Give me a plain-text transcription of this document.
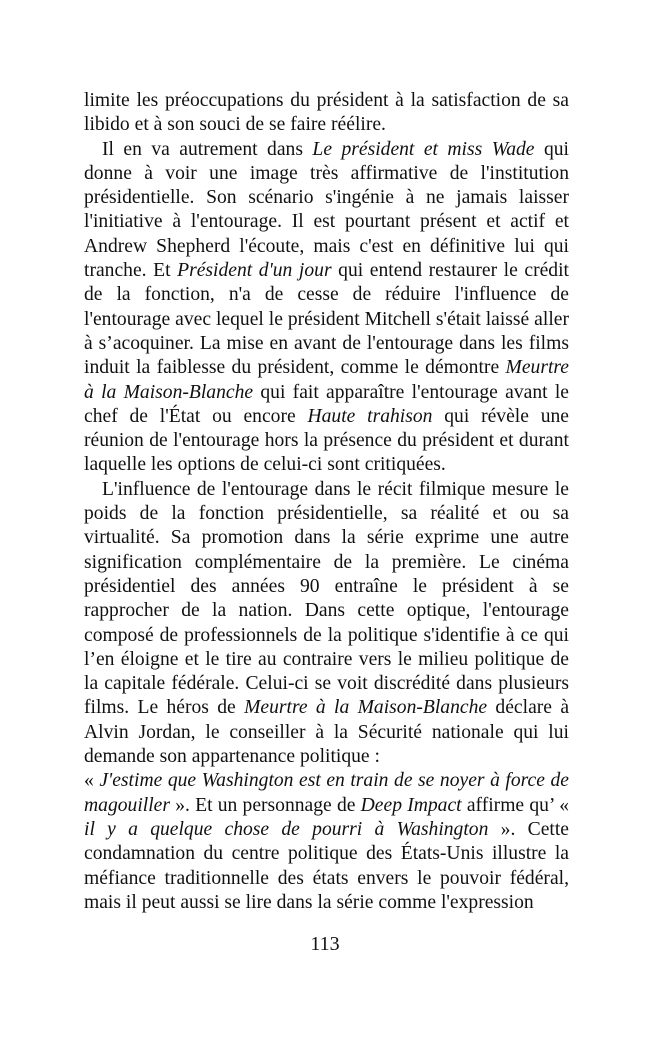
limite les préoccupations du président à la satisfaction de sa libido et à son souci de se faire réélire.

Il en va autrement dans Le président et miss Wade qui donne à voir une image très affirmative de l'institution présidentielle. Son scénario s'ingénie à ne jamais laisser l'initiative à l'entourage. Il est pourtant présent et actif et Andrew Shepherd l'écoute, mais c'est en définitive lui qui tranche. Et Président d'un jour qui entend restaurer le crédit de la fonction, n'a de cesse de réduire l'influence de l'entourage avec lequel le président Mitchell s'était laissé aller à s’acoquiner. La mise en avant de l'entourage dans les films induit la faiblesse du président, comme le démontre Meurtre à la Maison-Blanche qui fait apparaître l'entourage avant le chef de l'État ou encore Haute trahison qui révèle une réunion de l'entourage hors la présence du président et durant laquelle les options de celui-ci sont critiquées.

L'influence de l'entourage dans le récit filmique mesure le poids de la fonction présidentielle, sa réalité et ou sa virtualité. Sa promotion dans la série exprime une autre signification complémentaire de la première. Le cinéma présidentiel des années 90 entraîne le président à se rapprocher de la nation. Dans cette optique, l'entourage composé de professionnels de la politique s'identifie à ce qui l’en éloigne et le tire au contraire vers le milieu politique de la capitale fédérale. Celui-ci se voit discrédité dans plusieurs films. Le héros de Meurtre à la Maison-Blanche déclare à Alvin Jordan, le conseiller à la Sécurité nationale qui lui demande son appartenance politique :

« J'estime que Washington est en train de se noyer à force de magouiller ». Et un personnage de Deep Impact affirme qu’ « il y a quelque chose de pourri à Washington ». Cette condamnation du centre politique des États-Unis illustre la méfiance traditionnelle des états envers le pouvoir fédéral, mais il peut aussi se lire dans la série comme l'expression

113
